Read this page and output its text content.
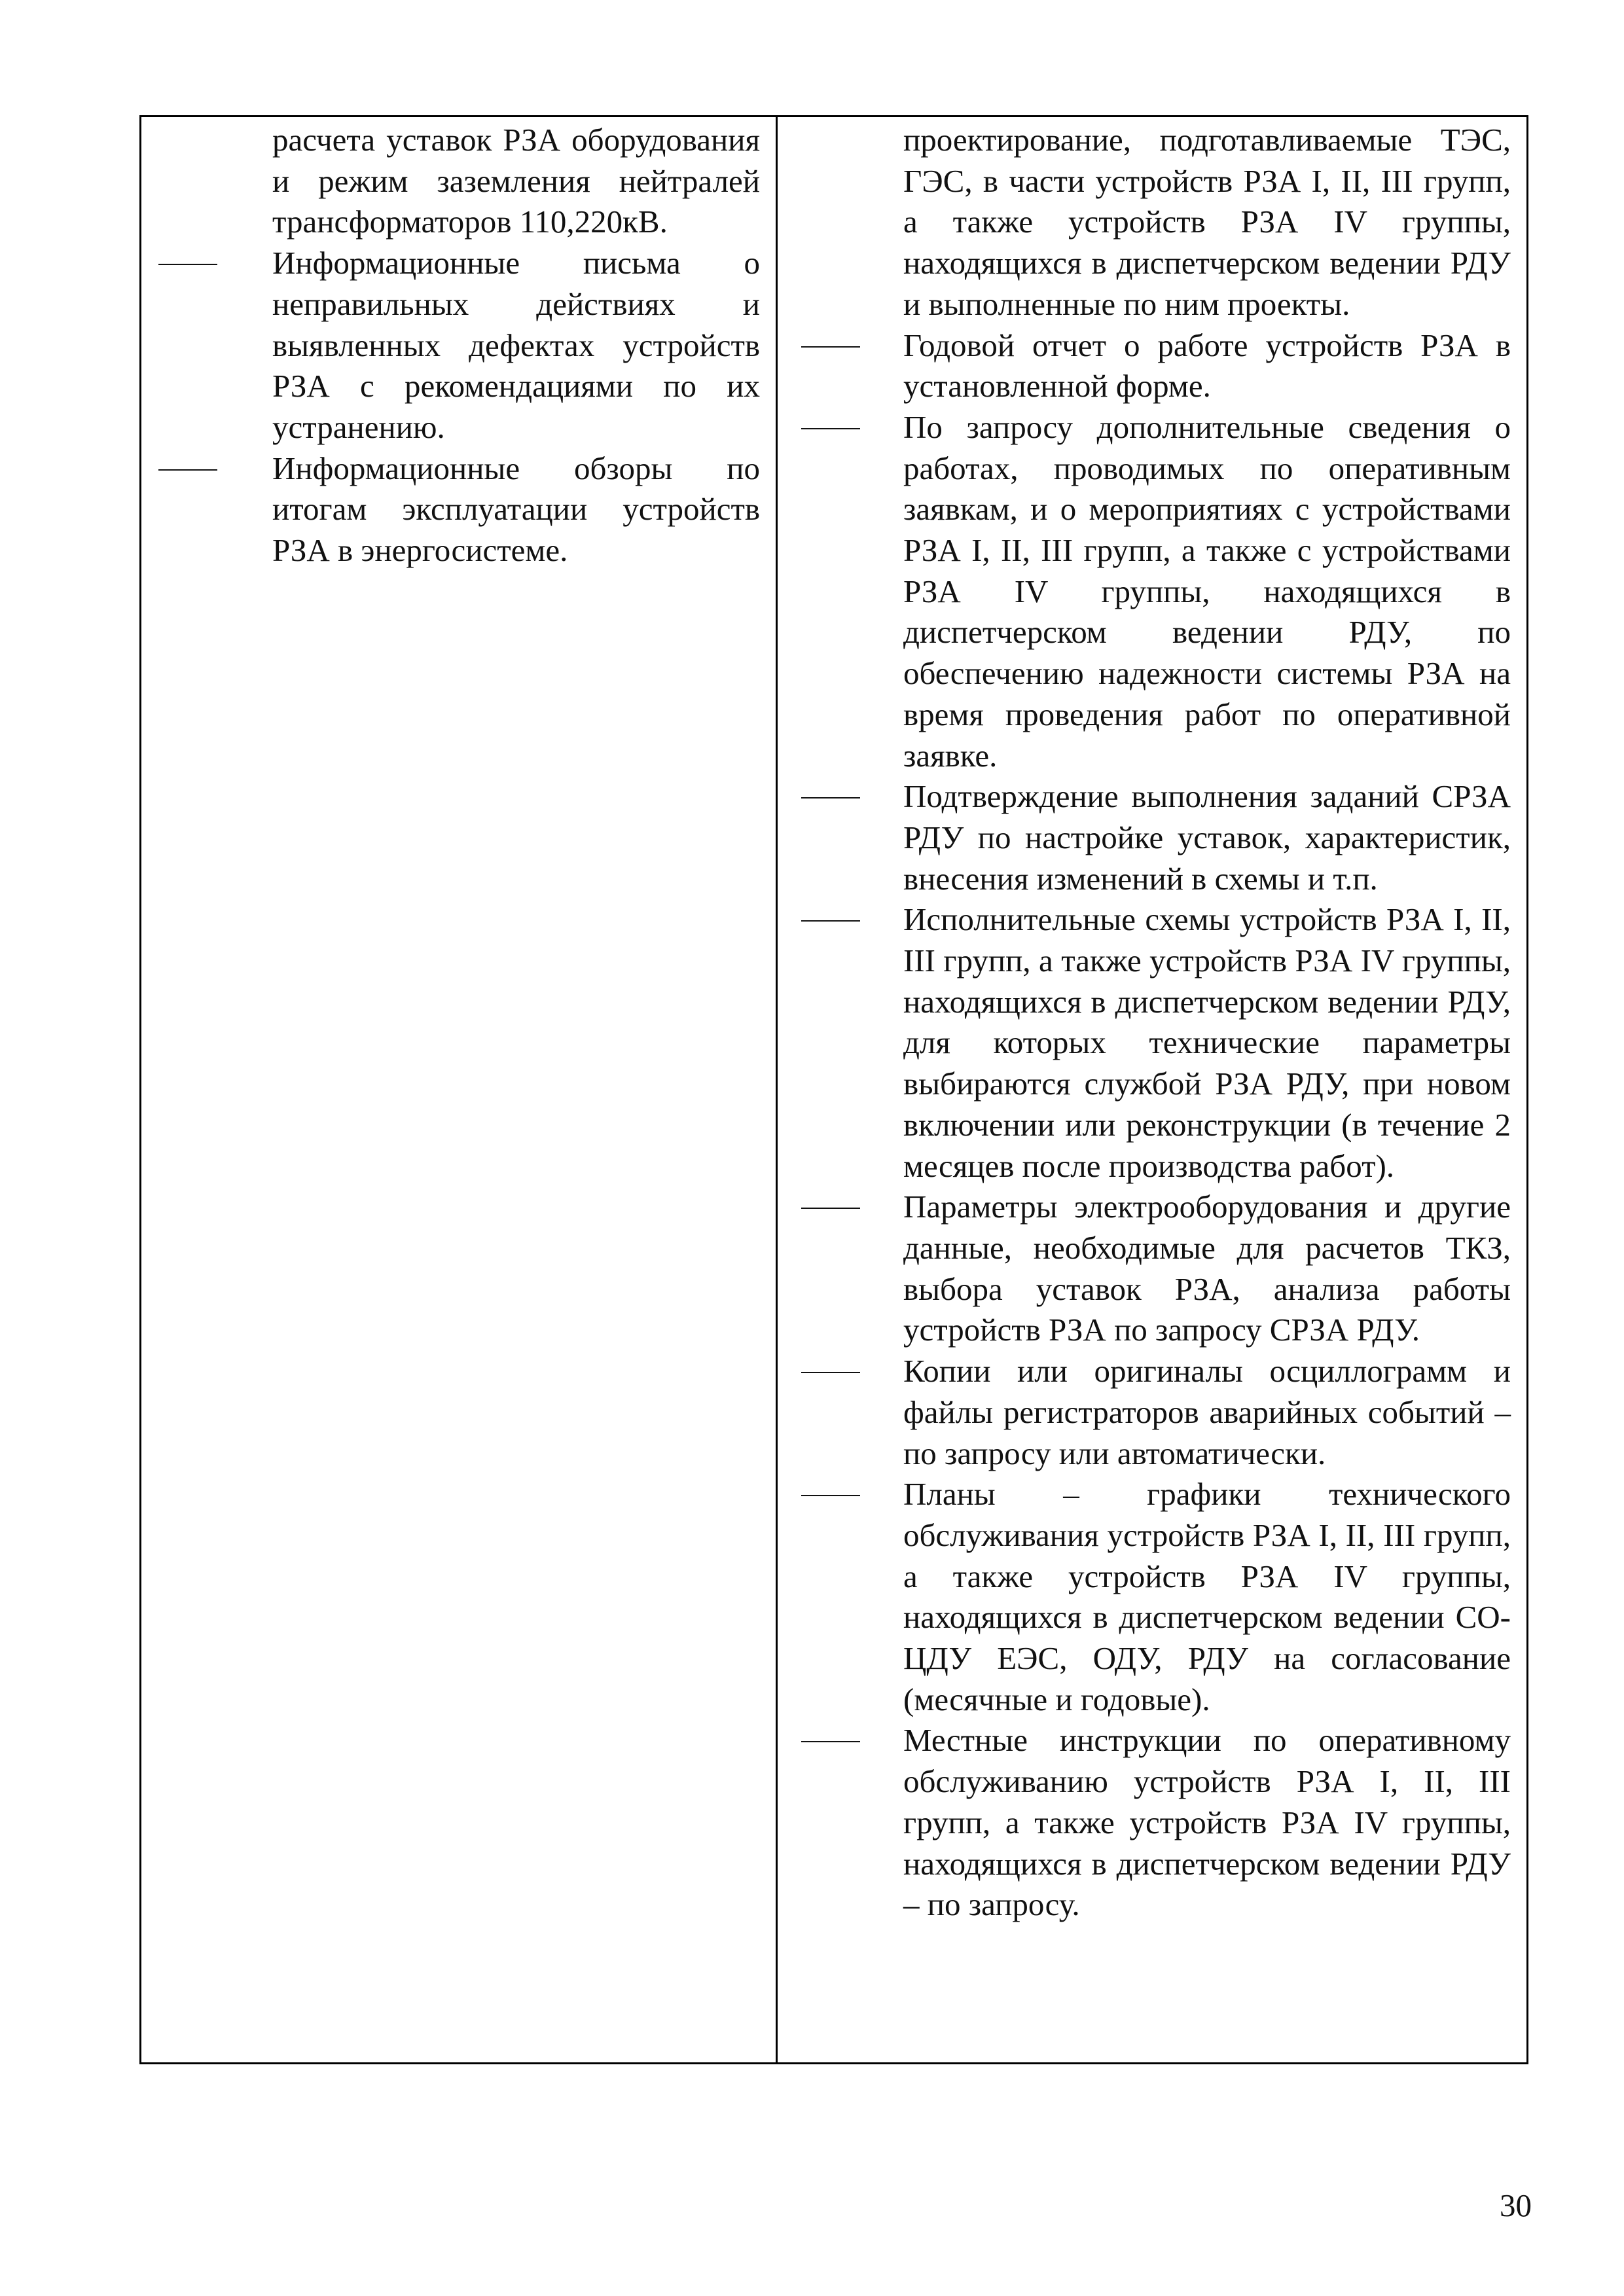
расчета уставок РЗА оборудования и режим заземления нейтралей трансформаторов 110,220кВ.
Информационные письма о неправильных действиях и выявленных дефектах устройств РЗА с рекомендациями по их устранению.
Информационные обзоры по итогам эксплуатации устройств РЗА в энергосистеме.
проектирование, подготавливаемые ТЭС, ГЭС, в части устройств РЗА I, II, III групп, а также устройств РЗА IV группы, находящихся в диспетчерском ведении РДУ и выполненные по ним проекты.
Годовой отчет о работе устройств РЗА в установленной форме.
По запросу дополнительные сведения о работах, проводимых по оперативным заявкам, и о мероприятиях с устройствами РЗА I, II, III групп, а также с устройствами РЗА IV группы, находящихся в диспетчерском ведении РДУ, по обеспечению надежности системы РЗА на время проведения работ по оперативной заявке.
Подтверждение выполнения заданий СРЗА РДУ по настройке уставок, характеристик, внесения изменений в схемы и т.п.
Исполнительные схемы устройств РЗА I, II, III групп, а также устройств РЗА IV группы, находящихся в диспетчерском ведении РДУ, для которых технические параметры выбираются службой РЗА РДУ, при новом включении или реконструкции (в течение 2 месяцев после производства работ).
Параметры электрооборудования и другие данные, необходимые для расчетов ТКЗ, выбора уставок РЗА, анализа работы устройств РЗА по запросу СРЗА РДУ.
Копии или оригиналы осциллограмм и файлы регистраторов аварийных событий – по запросу или автоматически.
Планы – графики технического обслуживания устройств РЗА I, II, III групп, а также устройств РЗА IV группы, находящихся в диспетчерском ведении СО-ЦДУ ЕЭС, ОДУ, РДУ на согласование (месячные и годовые).
Местные инструкции по оперативному обслуживанию устройств РЗА I, II, III групп, а также устройств РЗА IV группы, находящихся в диспетчерском ведении РДУ – по запросу.
30
